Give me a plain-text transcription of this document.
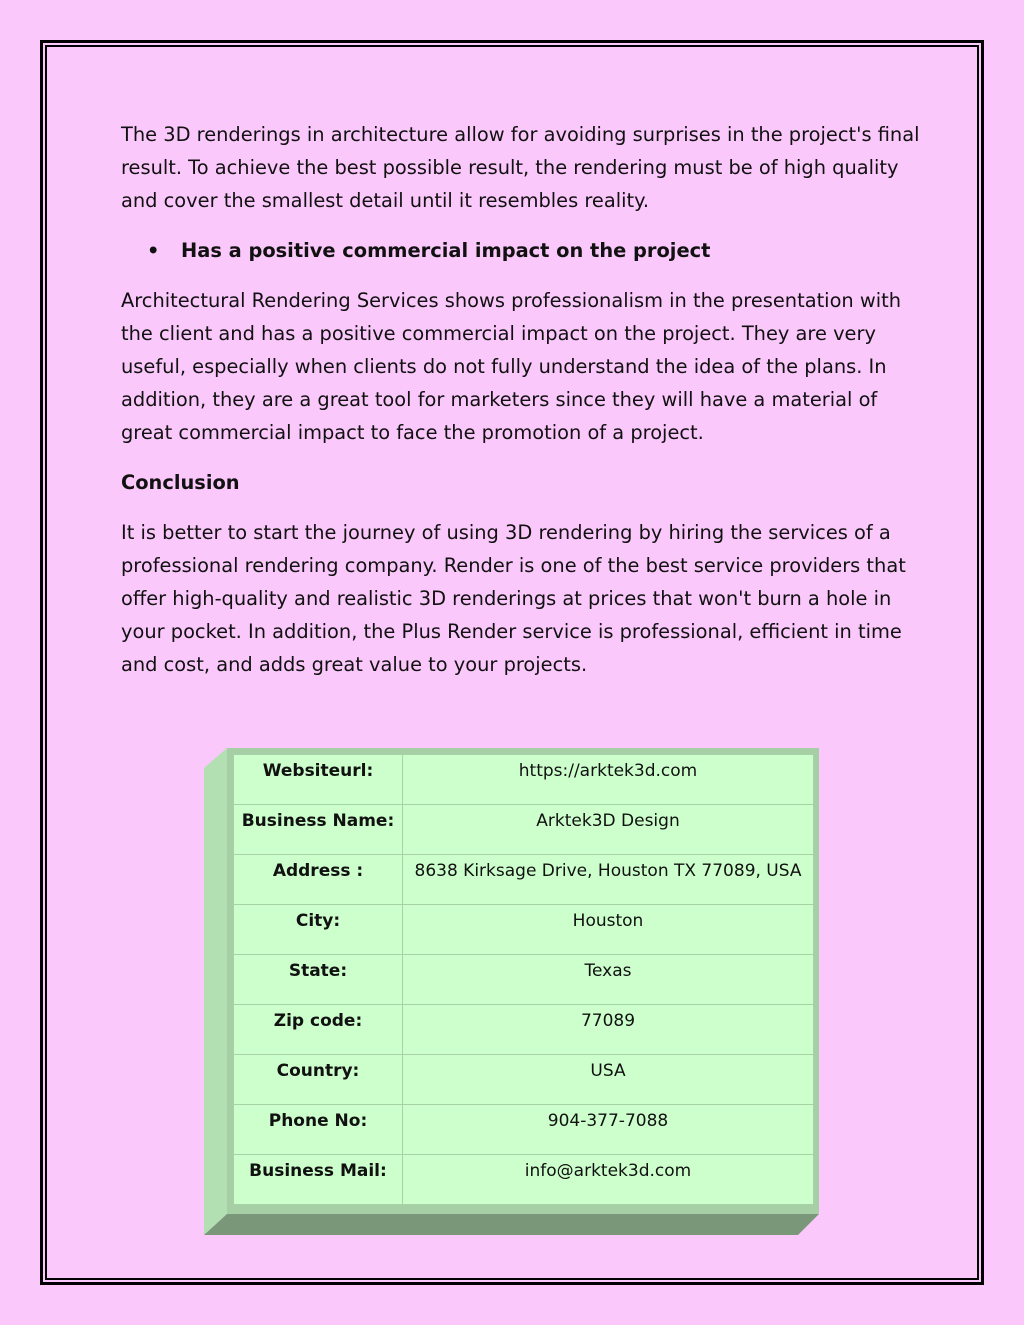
The 3D renderings in architecture allow for avoiding surprises in the project's final result. To achieve the best possible result, the rendering must be of high quality and cover the smallest detail until it resembles reality.

•	Has a positive commercial impact on the project

Architectural Rendering Services shows professionalism in the presentation with the client and has a positive commercial impact on the project. They are very useful, especially when clients do not fully understand the idea of the plans. In addition, they are a great tool for marketers since they will have a material of great commercial impact to face the promotion of a project.

Conclusion

It is better to start the journey of using 3D rendering by hiring the services of a professional rendering company. Render is one of the best service providers that offer high-quality and realistic 3D renderings at prices that won't burn a hole in your pocket. In addition, the Plus Render service is professional, efficient in time and cost, and adds great value to your projects.

Websiteurl:	https://arktek3d.com
Business Name:	Arktek3D Design
Address :	8638 Kirksage Drive, Houston TX 77089, USA
City:	Houston
State:	Texas
Zip code:	77089
Country:	USA
Phone No:	904-377-7088
Business Mail:	info@arktek3d.com
